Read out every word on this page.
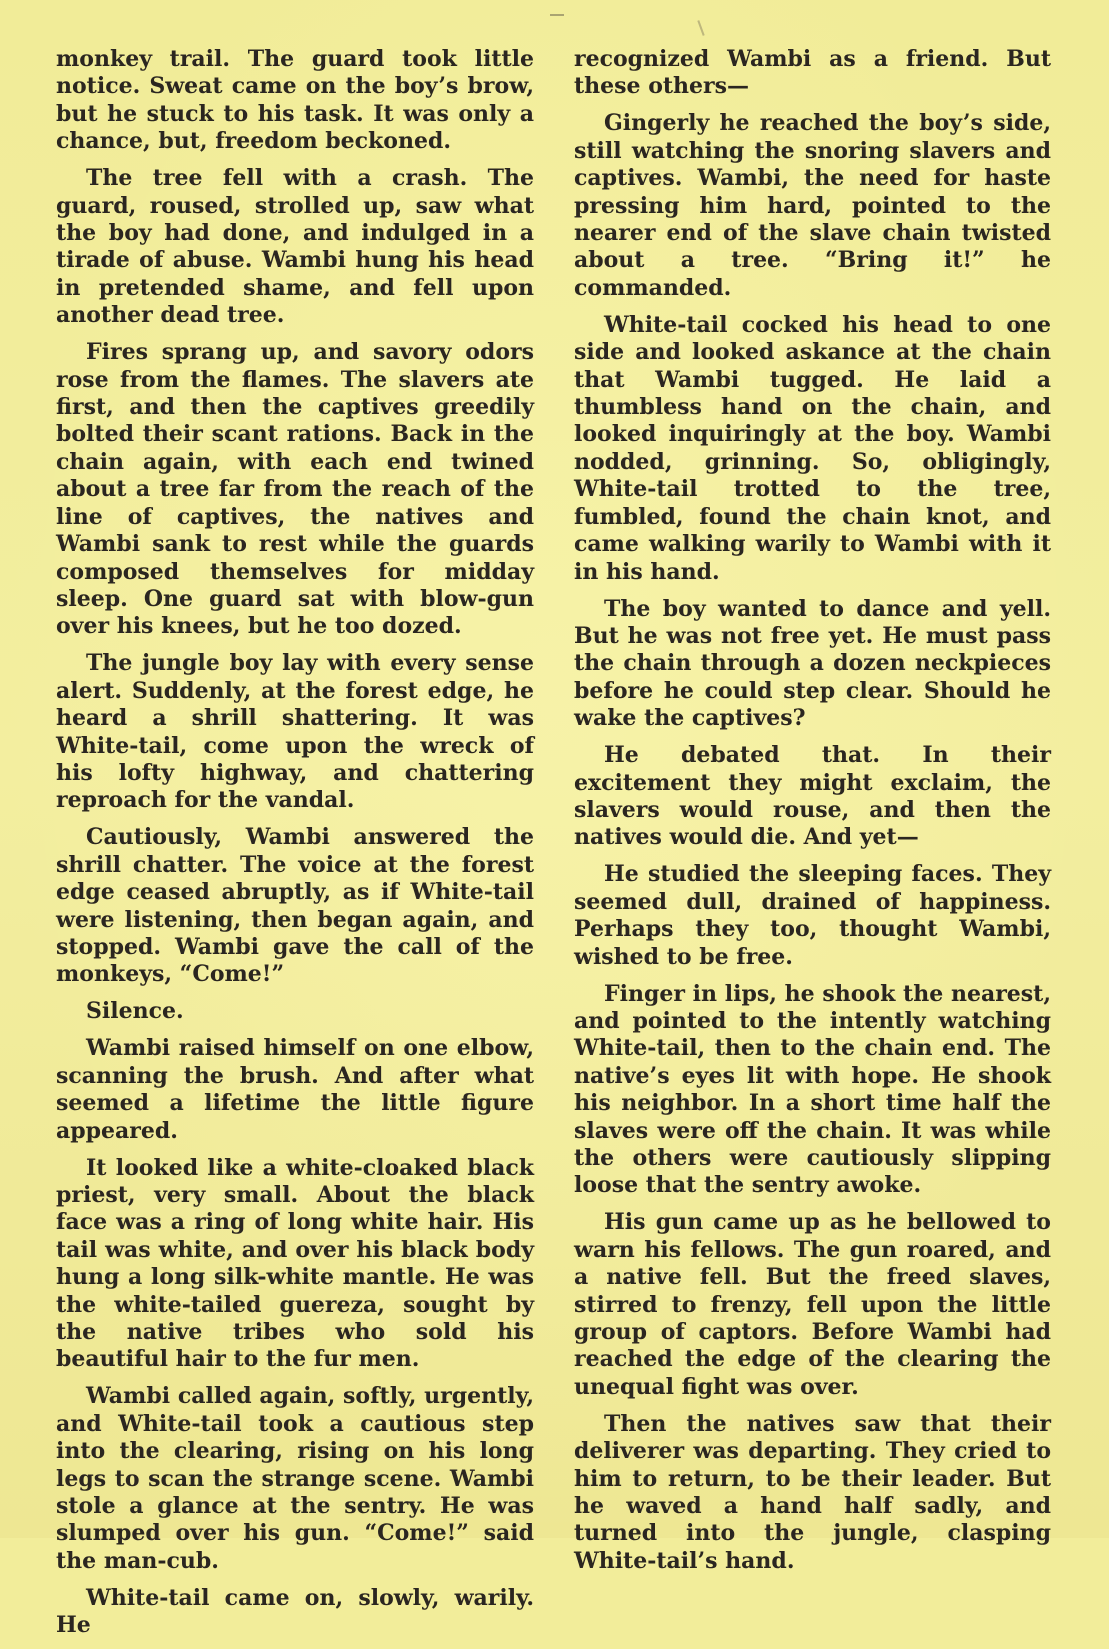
monkey trail. The guard took little notice. Sweat came on the boy’s brow, but he stuck to his task. It was only a chance, but, freedom beckoned.

The tree fell with a crash. The guard, roused, strolled up, saw what the boy had done, and indulged in a tirade of abuse. Wambi hung his head in pretended shame, and fell upon another dead tree.

Fires sprang up, and savory odors rose from the flames. The slavers ate first, and then the captives greedily bolted their scant rations. Back in the chain again, with each end twined about a tree far from the reach of the line of captives, the natives and Wambi sank to rest while the guards composed themselves for midday sleep. One guard sat with blow-gun over his knees, but he too dozed.

The jungle boy lay with every sense alert. Suddenly, at the forest edge, he heard a shrill shattering. It was White-tail, come upon the wreck of his lofty highway, and chattering reproach for the vandal.

Cautiously, Wambi answered the shrill chatter. The voice at the forest edge ceased abruptly, as if White-tail were listening, then began again, and stopped. Wambi gave the call of the monkeys, “Come!”

Silence.

Wambi raised himself on one elbow, scanning the brush. And after what seemed a lifetime the little figure appeared.

It looked like a white-cloaked black priest, very small. About the black face was a ring of long white hair. His tail was white, and over his black body hung a long silk-white mantle. He was the white-tailed guereza, sought by the native tribes who sold his beautiful hair to the fur men.

Wambi called again, softly, urgently, and White-tail took a cautious step into the clearing, rising on his long legs to scan the strange scene. Wambi stole a glance at the sentry. He was slumped over his gun. “Come!” said the man-cub.

White-tail came on, slowly, warily. He

recognized Wambi as a friend. But these others—

Gingerly he reached the boy’s side, still watching the snoring slavers and captives. Wambi, the need for haste pressing him hard, pointed to the nearer end of the slave chain twisted about a tree. “Bring it!” he commanded.

White-tail cocked his head to one side and looked askance at the chain that Wambi tugged. He laid a thumbless hand on the chain, and looked inquiringly at the boy. Wambi nodded, grinning. So, obligingly, White-tail trotted to the tree, fumbled, found the chain knot, and came walking warily to Wambi with it in his hand.

The boy wanted to dance and yell. But he was not free yet. He must pass the chain through a dozen neckpieces before he could step clear. Should he wake the captives?

He debated that. In their excitement they might exclaim, the slavers would rouse, and then the natives would die. And yet—

He studied the sleeping faces. They seemed dull, drained of happiness. Perhaps they too, thought Wambi, wished to be free.

Finger in lips, he shook the nearest, and pointed to the intently watching White-tail, then to the chain end. The native’s eyes lit with hope. He shook his neighbor. In a short time half the slaves were off the chain. It was while the others were cautiously slipping loose that the sentry awoke.

His gun came up as he bellowed to warn his fellows. The gun roared, and a native fell. But the freed slaves, stirred to frenzy, fell upon the little group of captors. Before Wambi had reached the edge of the clearing the unequal fight was over.

Then the natives saw that their deliverer was departing. They cried to him to return, to be their leader. But he waved a hand half sadly, and turned into the jungle, clasping White-tail’s hand.
